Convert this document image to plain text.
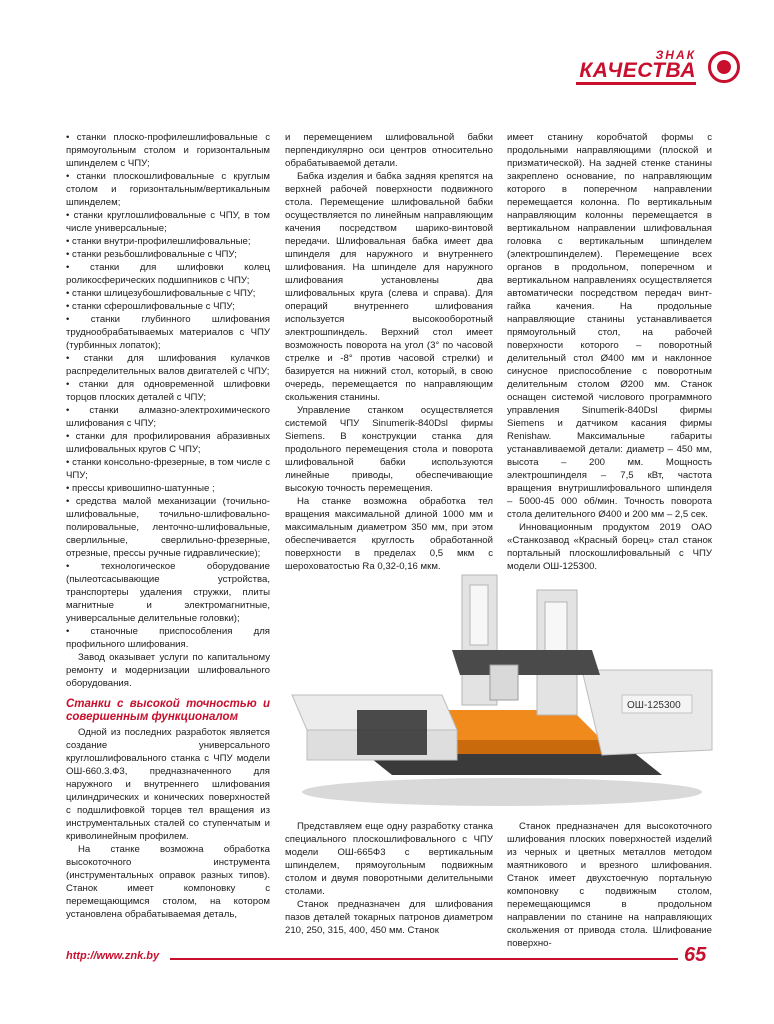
ЗНАК
КАЧЕСТВА
• станки плоско-профилешлифовальные с прямоугольным столом и горизонтальным шпинделем с ЧПУ;
• станки плоскошлифовальные с круглым столом и горизонтальным/вертикальным шпинделем;
• станки круглошлифовальные с ЧПУ, в том числе универсальные;
• станки внутри-профилешлифовальные;
• станки резьбошлифовальные с ЧПУ;
• станки для шлифовки колец роликосферических подшипников с ЧПУ;
• станки шлицезубошлифовальные с ЧПУ;
• станки сферошлифовальные с ЧПУ;
• станки глубинного шлифования труднообрабатываемых материалов с ЧПУ (турбинных лопаток);
• станки для шлифования кулачков распределительных валов двигателей с ЧПУ;
• станки для одновременной шлифовки торцов плоских деталей с ЧПУ;
• станки алмазно-электрохимического шлифования с ЧПУ;
• станки для профилирования абразивных шлифовальных кругов С ЧПУ;
• станки консольно-фрезерные, в том числе с ЧПУ;
• прессы кривошипно-шатунные ;
• средства малой механизации (точильно-шлифовальные, точильно-шлифовально-полировальные, ленточно-шлифовальные, сверлильные, сверлильно-фрезерные, отрезные, прессы ручные гидравлические);
• технологическое оборудование (пылеотсасывающие устройства, транспортеры удаления стружки, плиты магнитные и электромагнитные, универсальные делительные головки);
• станочные приспособления для профильного шлифования.

Завод оказывает услуги по капитальному ремонту и модернизации шлифовального оборудования.

Станки с высокой точностью и совершенным функционалом

Одной из последних разработок является создание универсального круглошлифовального станка с ЧПУ модели ОШ-660.3.Ф3, предназначенного для наружного и внутреннего шлифования цилиндрических и конических поверхностей с подшлифовкой торцев тел вращения из инструментальных сталей со ступенчатым и криволинейным профилем.

На станке возможна обработка высокоточного инструмента (инструментальных оправок разных типов). Станок имеет компоновку с перемещающимся столом, на котором установлена обрабатываемая деталь,

и перемещением шлифовальной бабки перпендикулярно оси центров относительно обрабатываемой детали.

Бабка изделия и бабка задняя крепятся на верхней рабочей поверхности подвижного стола. Перемещение шлифовальной бабки осуществляется по линейным направляющим качения посредством шарико-винтовой передачи. Шлифовальная бабка имеет два шпинделя для наружного и внутреннего шлифования. На шпинделе для наружного шлифования установлены два шлифовальных круга (слева и справа). Для операций внутреннего шлифования используется высокооборотный электрошпиндель. Верхний стол имеет возможность поворота на угол (3° по часовой стрелке и -8° против часовой стрелки) и базируется на нижний стол, который, в свою очередь, перемещается по направляющим скольжения станины.

Управление станком осуществляется системой ЧПУ Sinumerik-840Dsl фирмы Siemens. В конструкции станка для продольного перемещения стола и поворота шлифовальной бабки используются линейные приводы, обеспечивающие высокую точность перемещения.

На станке возможна обработка тел вращения максимальной длиной 1000 мм и максимальным диаметром 350 мм, при этом обеспечивается круглость обработанной поверхности в пределах 0,5 мкм с шероховатостью Ra 0,32-0,16 мкм.

имеет станину коробчатой формы с продольными направляющими (плоской и призматической). На задней стенке станины закреплено основание, по направляющим которого в поперечном направлении перемещается колонна. По вертикальным направляющим колонны перемещается в вертикальном направлении шлифовальная головка с вертикальным шпинделем (электрошпинделем). Перемещение всех органов в продольном, поперечном и вертикальном направлениях осуществляется автоматически посредством передач винт-гайка качения. На продольные направляющие станины устанавливается прямоугольный стол, на рабочей поверхности которого – поворотный делительный стол Ø400 мм и наклонное синусное приспособление с поворотным делительным столом Ø200 мм. Станок оснащен системой числового программного управления Sinumerik-840Dsl фирмы Siemens и датчиком касания фирмы Renishaw. Максимальные габариты устанавливаемой детали: диаметр – 450 мм, высота – 200 мм. Мощность электрошпинделя – 7,5 кВт, частота вращения внутришлифовального шпинделя – 5000-45 000 об/мин. Точность поворота стола делительного Ø400 и 200 мм – 2,5 сек.

Инновационным продуктом 2019 ОАО «Станкозавод «Красный борец» стал станок портальный плоскошлифовальный с ЧПУ модели ОШ-125300.

ОШ-125300

Представляем еще одну разработку станка специального плоскошлифовального с ЧПУ модели ОШ-665Ф3 с вертикальным шпинделем, прямоугольным подвижным столом и двумя поворотными делительными столами.

Станок предназначен для шлифования пазов деталей токарных патронов диаметром 210, 250, 315, 400, 450 мм. Станок

Станок предназначен для высокоточного шлифования плоских поверхностей изделий из черных и цветных металлов методом маятникового и врезного шлифования. Станок имеет двухстоечную портальную компоновку с подвижным столом, перемещающимся в продольном направлении по станине на направляющих скольжения от привода стола. Шлифование поверхно-

http://www.znk.by	65
